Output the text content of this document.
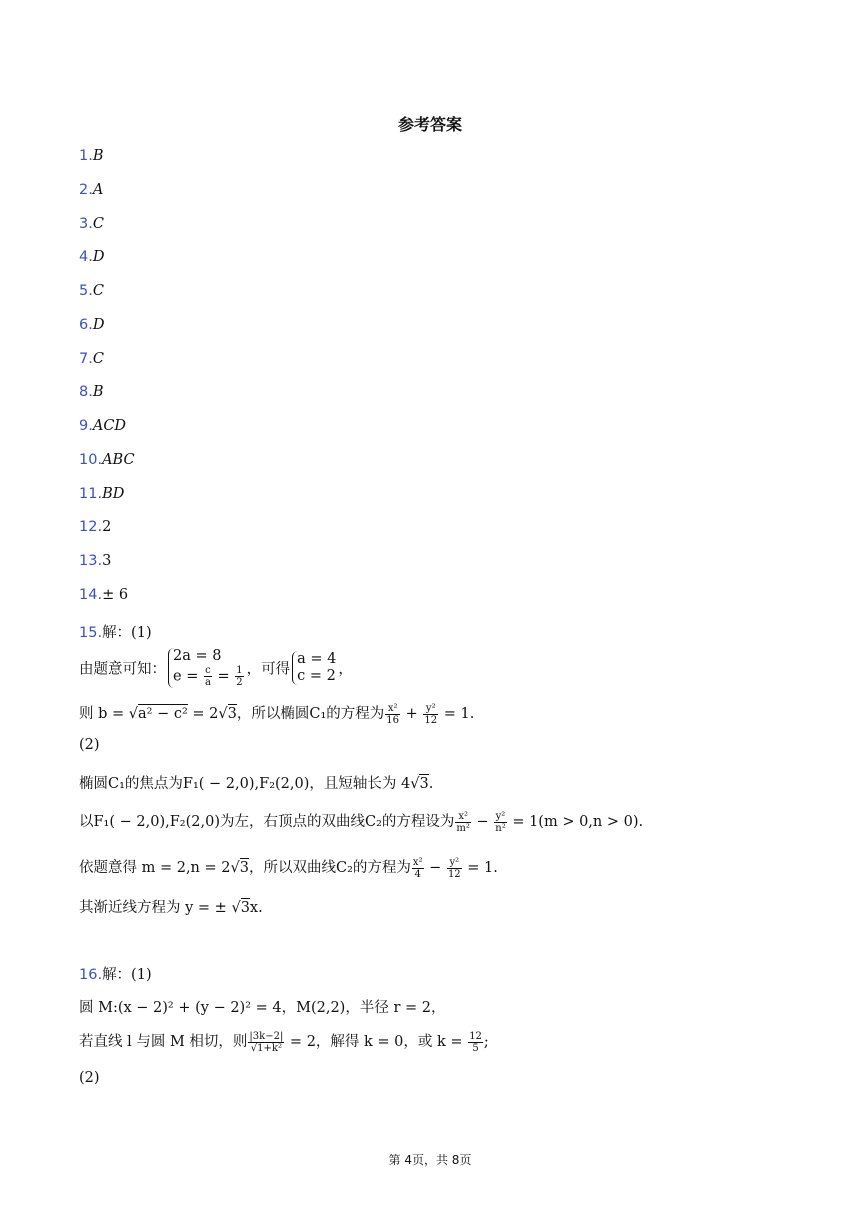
参考答案
1.B
2.A
3.C
4.D
5.C
6.D
7.C
8.B
9.ACD
10.ABC
11.BD
12.2
13.3
14.± 6
15.解：(1)
由题意可知：
2a = 8
$e = \frac{c}{a} = \frac{1}{2}$ ，可得
a = 4
c = 2 ，
则 b = √a² − c² = 2√3，所以椭圆C₁的方程为 $\frac{\text{x²}}{16} + \frac{\text{y²}}{12} = 1$.
(2)
椭圆C₁的焦点为F₁( − 2,0),F₂(2,0)，且短轴长为 4√3.
以F₁( − 2,0),F₂(2,0)为左，右顶点的双曲线C₂的方程设为 $\frac{\text{x²}}{\text{m²}} - \frac{\text{y²}}{\text{n²}} = 1(m > 0,n > 0)$.
依题意得 m = 2,n = 2√3，所以双曲线C₂的方程为 $\frac{\text{x²}}{4} - \frac{\text{y²}}{12} = 1$.
其渐近线方程为 y = ± √3x.
16.解：(1)
圆 M:(x − 2)² + (y − 2)² = 4，M(2,2)，半径 r = 2，
若直线 l 与圆 M 相切，则 $\frac{|3k-2|}{\text{√1+k²}} = 2$，解得 k = 0，或 $k = \frac{12}{5}$ ;
(2)
第 4页，共 8页
